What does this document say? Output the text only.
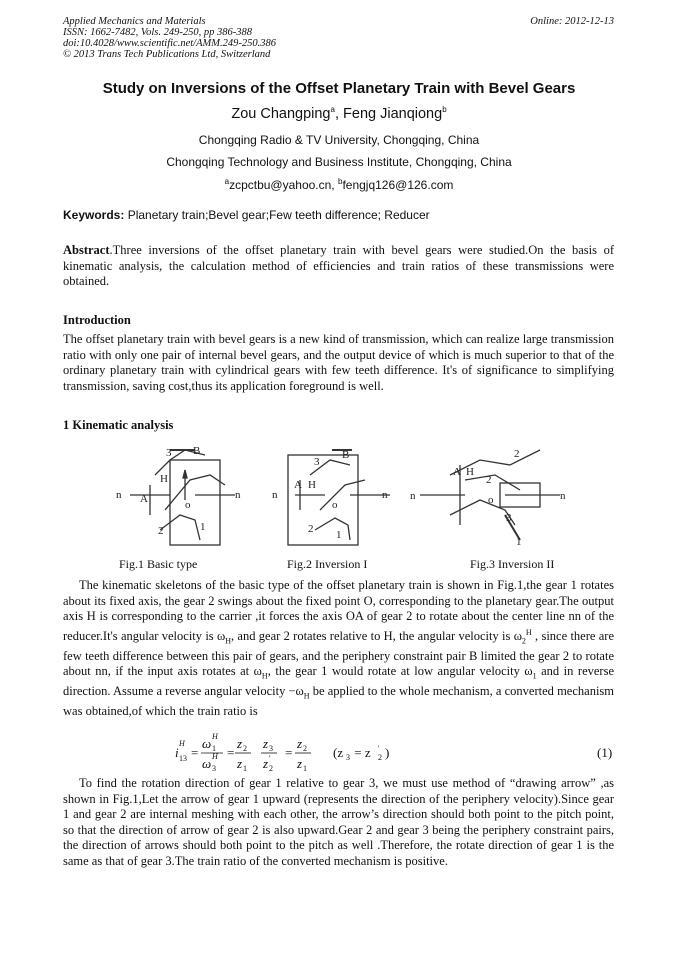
Applied Mechanics and Materials
ISSN: 1662-7482, Vols. 249-250, pp 386-388
doi:10.4028/www.scientific.net/AMM.249-250.386
© 2013 Trans Tech Publications Ltd, Switzerland
Online: 2012-12-13
Study on Inversions of the Offset Planetary Train with Bevel Gears
Zou Changping$^a$, Feng Jianqiong$^b$
Chongqing Radio & TV University, Chongqing, China
Chongqing Technology and Business Institute, Chongqing, China
$^a$zcpctbu@yahoo.cn, $^b$fengjq126@126.com
Keywords: Planetary train;Bevel gear;Few teeth difference; Reducer

Abstract.Three inversions of the offset planetary train with bevel gears were studied.On the basis of kinematic analysis, the calculation method of efficiencies and train ratios of these transmissions were obtained.

Introduction

The offset planetary train with bevel gears is a new kind of transmission, which can realize large transmission ratio with only one pair of internal bevel gears, and the output device of which is much superior to that of the ordinary planetary train with cylindrical gears with few teeth difference. It's of significance to simplifying transmission, saving cost,thus its application foreground is well.

1 Kinematic analysis
3 B
A
H
n	n
o
2	1
3
B
A H
n	n
o
2 1
A H
2
2
n	n
o
3
1
Fig.1 Basic type	Fig.2 Inversion I	Fig.3 Inversion II

The kinematic skeletons of the basic type of the offset planetary train is shown in Fig.1,the gear 1 rotates about its fixed axis, the gear 2 swings about the fixed point O, corresponding to the planetary gear.The output axis H is corresponding to the carrier ,it forces the axis OA of gear 2 to rotate about the center line nn of the reducer.It's angular velocity is $\omega_H$, and gear 2 rotates relative to H, the angular velocity is $\omega_2^H$ , since there are few teeth difference between this pair of gears, and the periphery constraint pair B limited the gear 2 to rotate about nn, if the input axis rotates at $\omega_H$, the gear 1 would rotate at low angular velocity $\omega_1$ and in reverse direction. Assume a reverse angular velocity $-\omega_H$ be applied to the whole mechanism, a converted mechanism was obtained,of which the train ratio is

i
H
13 =
ω H
1
ω H
3
=
z 2
z 1
z 3
z 2
' =
z 2
z 1
(z 3 = z 2
' )	(1)

To find the rotation direction of gear 1 relative to gear 3, we must use method of “drawing arrow” ,as shown in Fig.1,Let the arrow of gear 1 upward (represents the direction of the periphery velocity).Since gear 1 and gear 2 are internal meshing with each other, the arrow’s direction should both point to the pitch point, so that the direction of arrow of gear 2 is also upward.Gear 2 and gear 3 being the periphery constraint pairs, the direction of arrows should both point to the pitch as well .Therefore, the rotate direction of gear 1 is the same as that of gear 3.The train ratio of the converted mechanism is positive.
